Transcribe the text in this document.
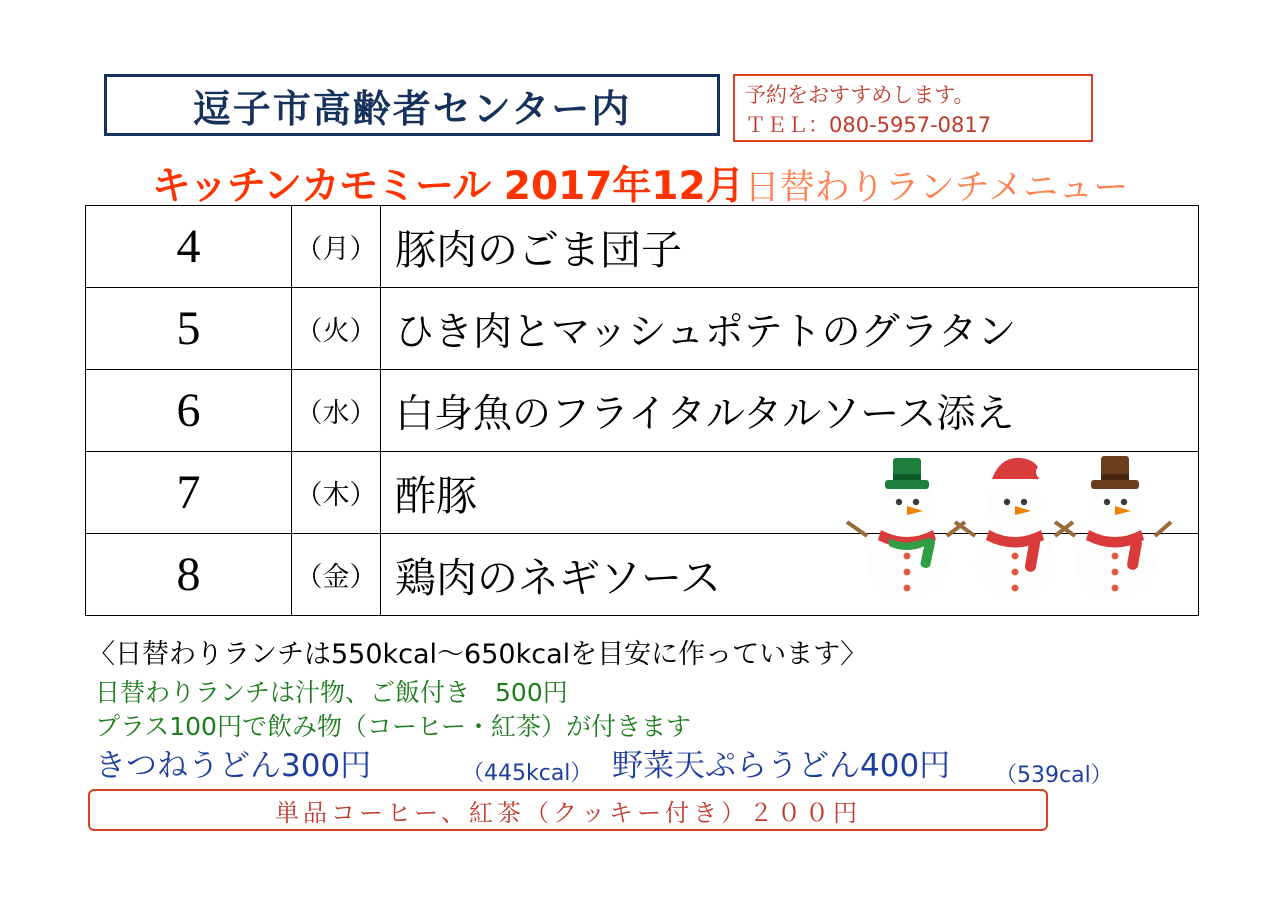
逗子市高齢者センター内	予約をおすすめします。
ＴＥＬ：080-5957-0817
キッチンカモミール 2017年12月日替わりランチメニュー
4	（月）	豚肉のごま団子

5	（火）	ひき肉とマッシュポテトのグラタン

6	（水）	白身魚のフライタルタルソース添え

7	（木）	酢豚

8	（金）	鶏肉のネギソース
〈日替わりランチは550kcal〜650kcalを目安に作っています〉
日替わりランチは汁物、ご飯付き　500円
プラス100円で飲み物（コーヒー・紅茶）が付きます
きつねうどん300円	（445kcal） 野菜天ぷらうどん400円 （539cal）
単品コーヒー、紅茶（クッキー付き）２００円
